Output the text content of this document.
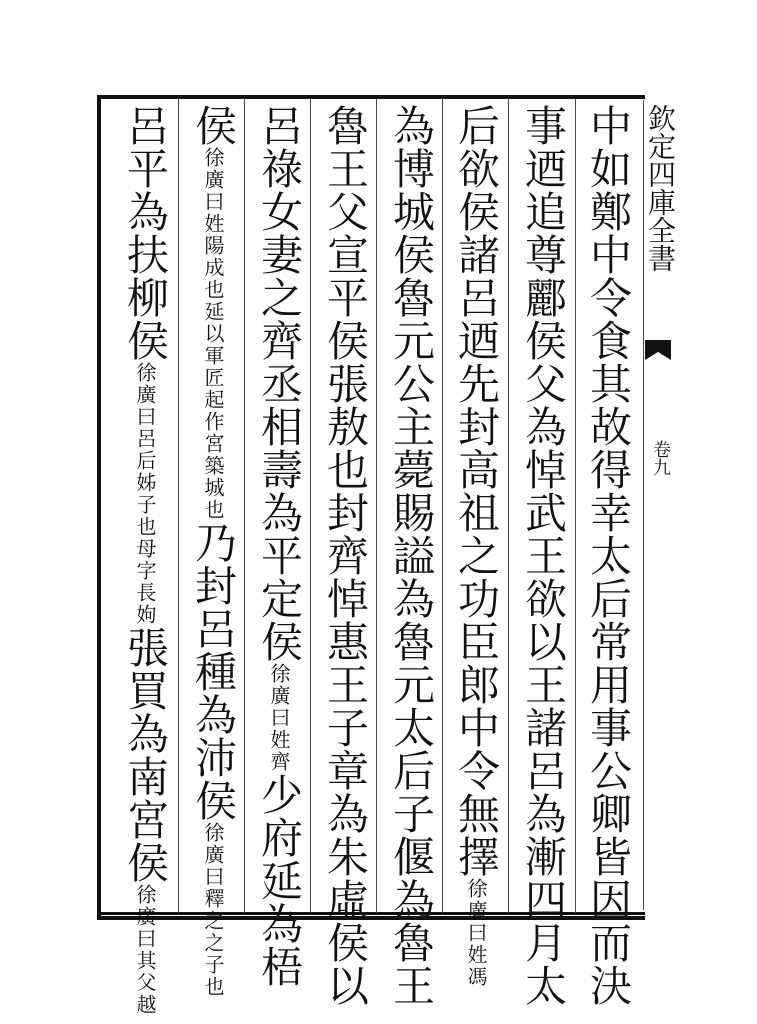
欽定四庫全書
卷九
中如鄭中令食其故得幸太后常用事公卿皆因而決
事迺追尊酈侯父為悼武王欲以王諸呂為漸四月太
后欲侯諸呂迺先封高祖之功臣郎中令無擇徐廣曰姓馮
為博城侯魯元公主薨賜謚為魯元太后子偃為魯王
魯王父宣平侯張敖也封齊悼惠王子章為朱虛侯以
呂祿女妻之齊丞相壽為平定侯徐廣曰姓齊少府延為梧
侯徐廣曰姓陽成也延以軍匠起作宮築城也乃封呂種為沛侯徐廣曰釋之之子也
呂平為扶柳侯徐廣曰呂后姊子也母字長姁張買為南宮侯徐廣曰其父越
